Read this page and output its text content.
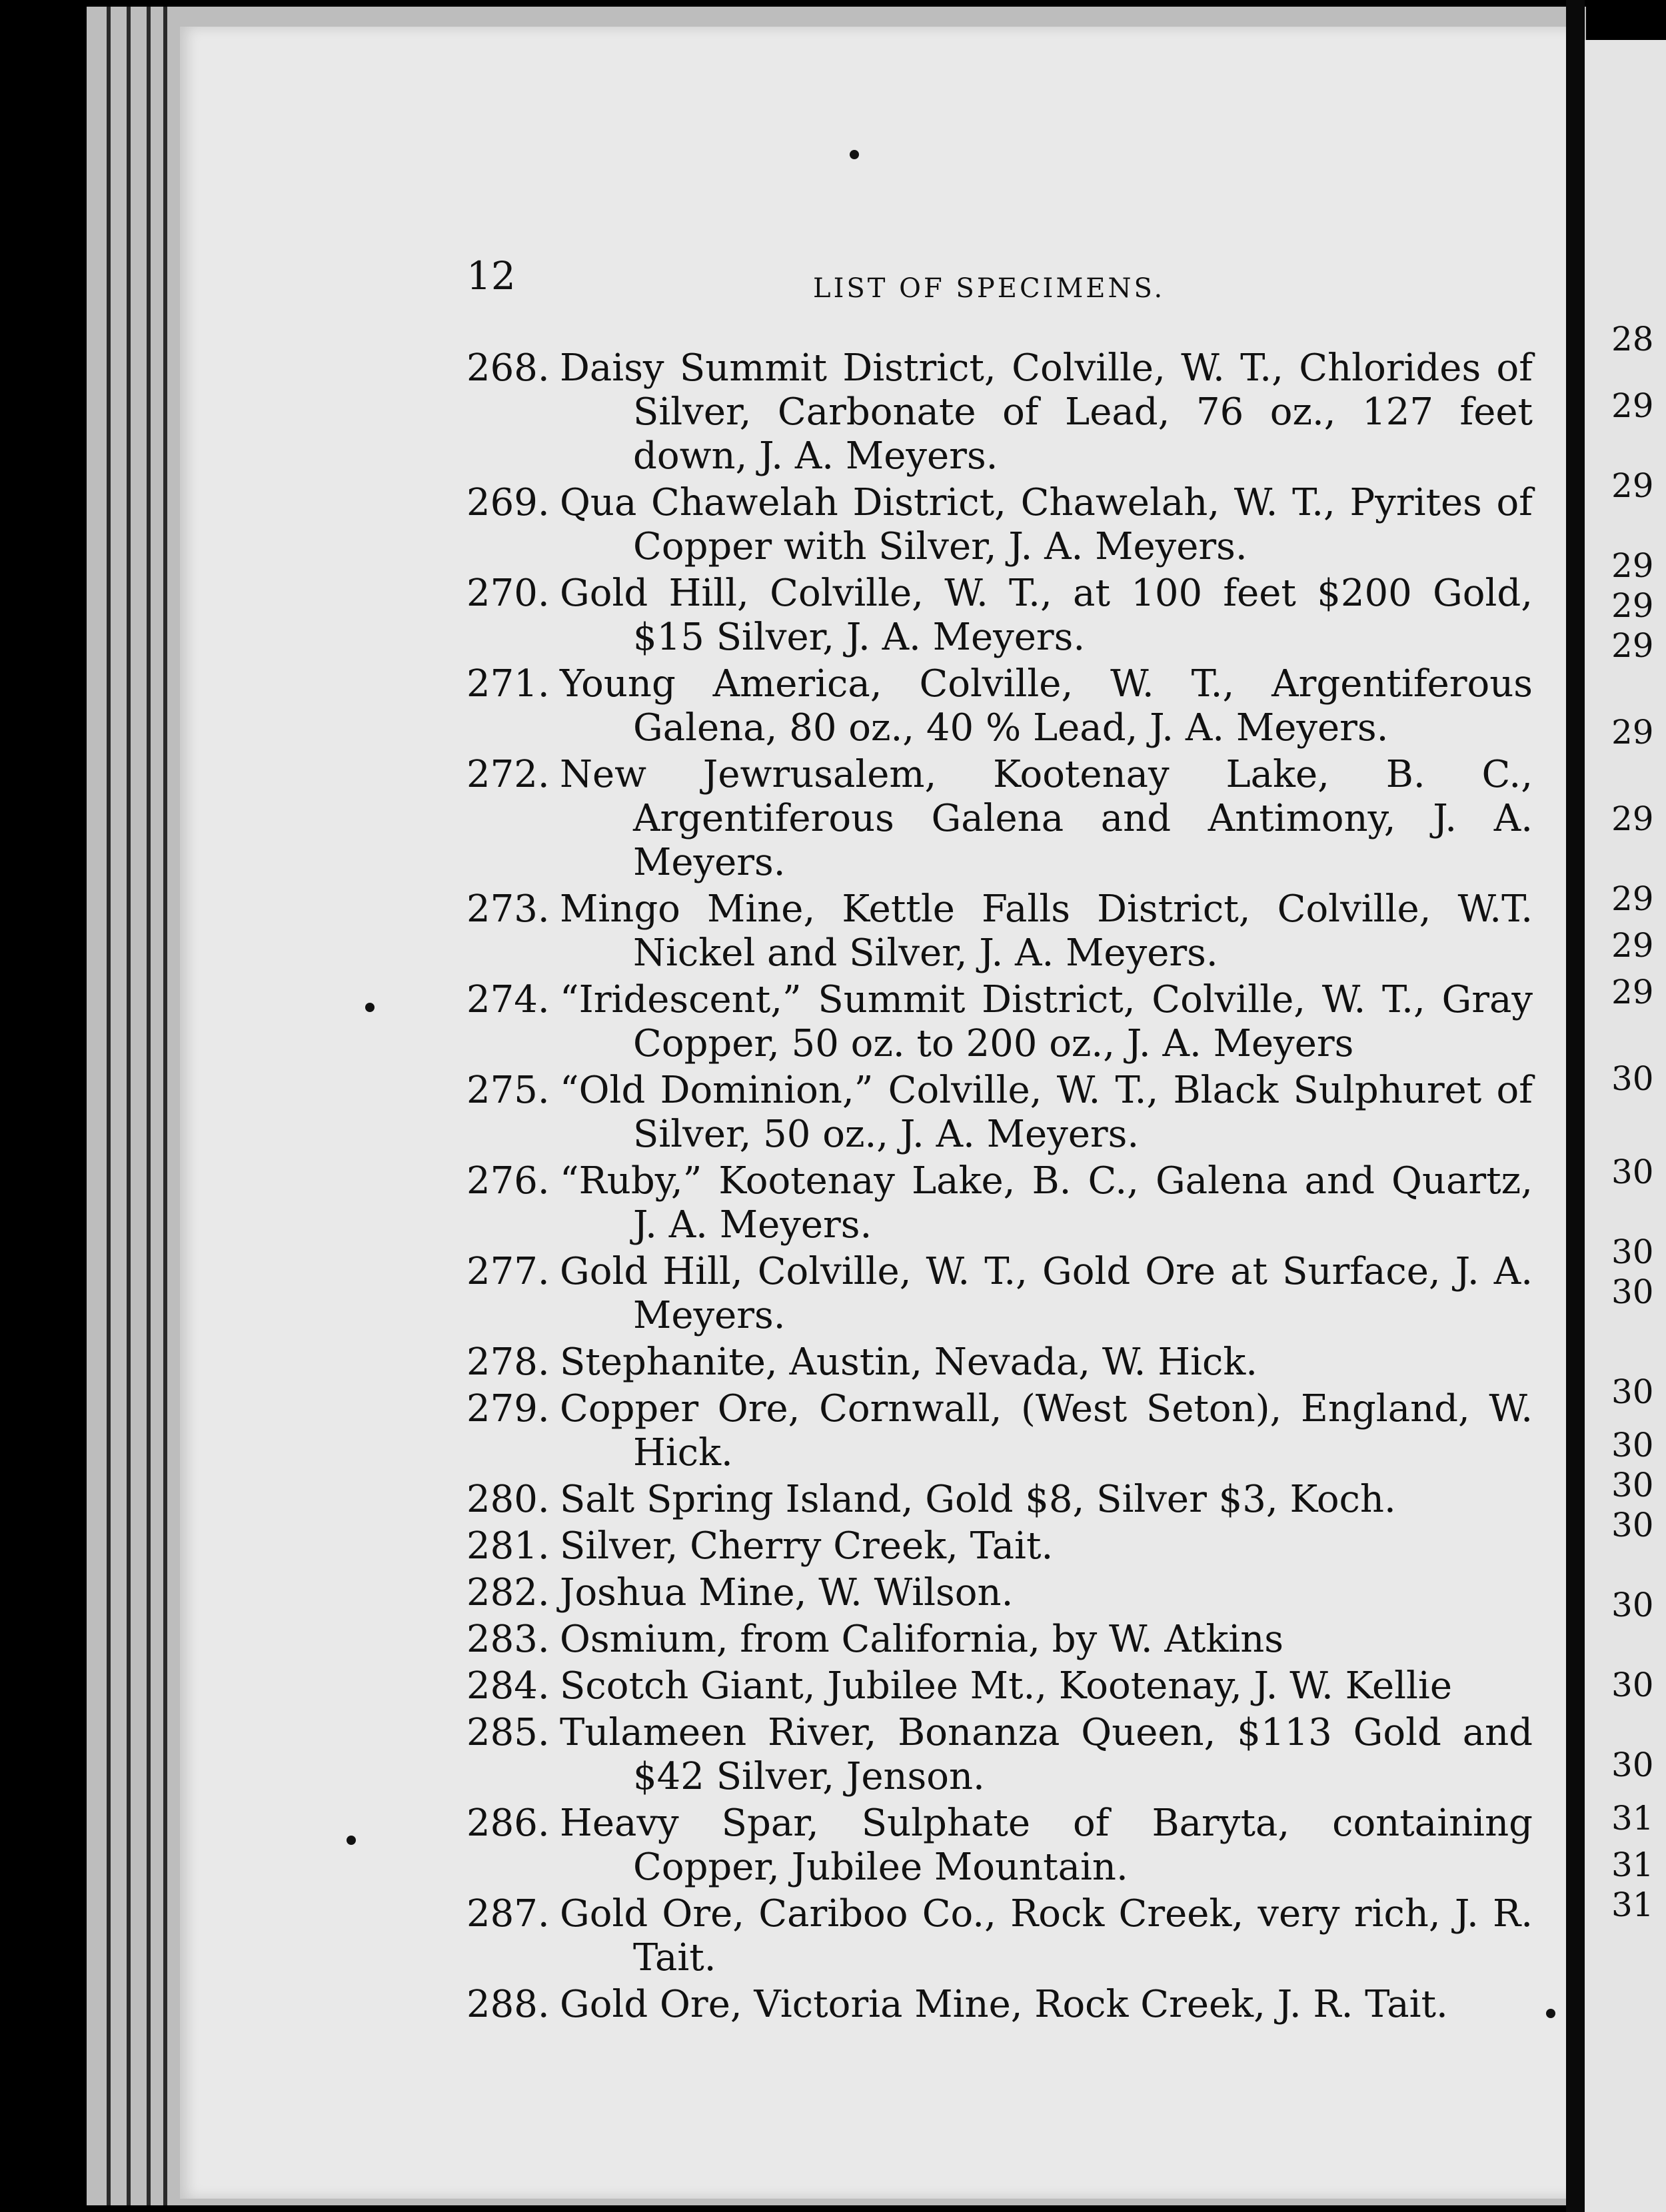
12	LIST OF SPECIMENS.
268. Daisy Summit District, Colville, W. T., Chlorides of Silver, Carbonate of Lead, 76 oz., 127 feet down, J. A. Meyers.
269. Qua Chawelah District, Chawelah, W. T., Pyrites of Copper with Silver, J. A. Meyers.
270. Gold Hill, Colville, W. T., at 100 feet $200 Gold, $15 Silver, J. A. Meyers.
271. Young America, Colville, W. T., Argentiferous Galena, 80 oz., 40 % Lead, J. A. Meyers.
272. New Jewrusalem, Kootenay Lake, B. C., Argentiferous Galena and Antimony, J. A. Meyers.
273. Mingo Mine, Kettle Falls District, Colville, W.T. Nickel and Silver, J. A. Meyers.
274. “Iridescent,” Summit District, Colville, W. T., Gray Copper, 50 oz. to 200 oz., J. A. Meyers
275. “Old Dominion,” Colville, W. T., Black Sulphuret of Silver, 50 oz., J. A. Meyers.
276. “Ruby,” Kootenay Lake, B. C., Galena and Quartz, J. A. Meyers.
277. Gold Hill, Colville, W. T., Gold Ore at Surface, J. A. Meyers.
278. Stephanite, Austin, Nevada, W. Hick.
279. Copper Ore, Cornwall, (West Seton), England, W. Hick.
280. Salt Spring Island, Gold $8, Silver $3, Koch.
281. Silver, Cherry Creek, Tait.
282. Joshua Mine, W. Wilson.
283. Osmium, from California, by W. Atkins
284. Scotch Giant, Jubilee Mt., Kootenay, J. W. Kellie
285. Tulameen River, Bonanza Queen, $113 Gold and $42 Silver, Jenson.
286. Heavy Spar, Sulphate of Baryta, containing Copper, Jubilee Mountain.
287. Gold Ore, Cariboo Co., Rock Creek, very rich, J. R. Tait.
288. Gold Ore, Victoria Mine, Rock Creek, J. R. Tait.
28
29
29
29
29
29
29
29
29
29
29
30
30
30
30
30
30
30
30
30
30
30
31
31
31
